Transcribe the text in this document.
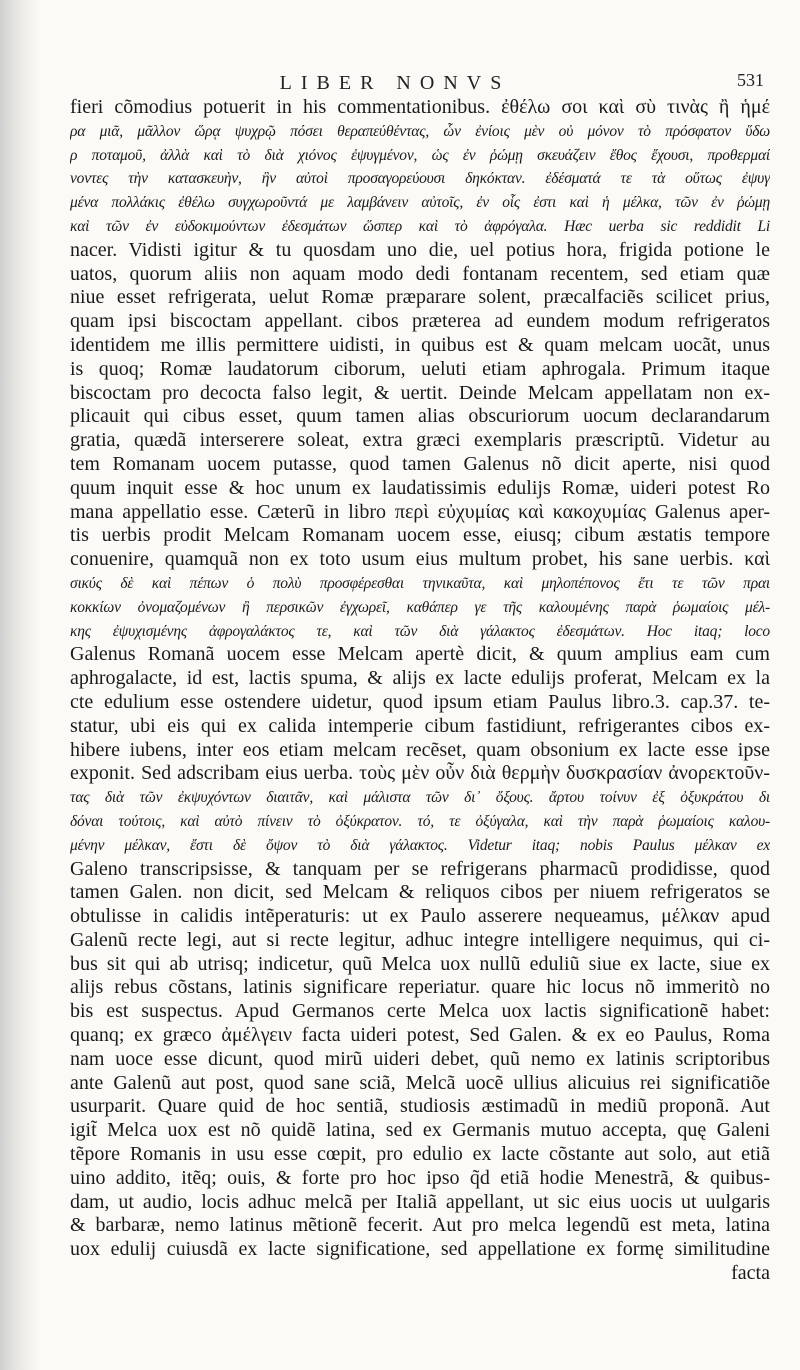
LIBER NONVS	531
fieri cõmodius potuerit in his commentationibus. ἐθέλω σοι καὶ σὺ τινὰς ἢ ἡμέ
ρα μιᾶ, μᾶλλον ὥρᾳ ψυχρῷ πόσει θεραπεύθέντας, ὧν ἐνίοις μὲν οὐ μόνον τὸ πρόσφατον ὕδω
ρ ποταμοῦ, ἀλλὰ καὶ τὸ διὰ χιόνος ἐψυγμένον, ὡς ἐν ῥώμῃ σκευάζειν ἔθος ἔχουσι, προθερμαί
νοντες τὴν κατασκευὴν, ἣν αὐτοὶ προσαγορεύουσι δηκόκταν. ἐδέσματά τε τὰ οὕτως ἐψυγ
μένα πολλάκις ἐθέλω συγχωροῦντά με λαμβάνειν αὐτοῖς, ἐν οἷς ἐστι καὶ ἡ μέλκα, τῶν ἐν ῥώμῃ
καὶ τῶν ἐν εὐδοκιμούντων ἐδεσμάτων ὥσπερ καὶ τὸ ἀφρόγαλα. Hæc uerba sic reddidit Li
nacer. Vidisti igitur & tu quosdam uno die, uel potius hora, frigida potione le
uatos, quorum aliis non aquam modo dedi fontanam recentem, sed etiam quæ
niue esset refrigerata, uelut Romæ præparare solent, præcalfaciẽs scilicet prius,
quam ipsi biscoctam appellant. cibos præterea ad eundem modum refrigeratos
identidem me illis permittere uidisti, in quibus est & quam melcam uocãt, unus
is quoq; Romæ laudatorum ciborum, ueluti etiam aphrogala. Primum itaque
biscoctam pro decocta falso legit, & uertit. Deinde Melcam appellatam non ex-
plicauit qui cibus esset, quum tamen alias obscuriorum uocum declarandarum
gratia, quædã interserere soleat, extra græci exemplaris præscriptũ. Videtur au
tem Romanam uocem putasse, quod tamen Galenus nõ dicit aperte, nisi quod
quum inquit esse & hoc unum ex laudatissimis edulijs Romæ, uideri potest Ro
mana appellatio esse. Cæterũ in libro περὶ εὐχυμίας καὶ κακοχυμίας Galenus aper-
tis uerbis prodit Melcam Romanam uocem esse, eiusq; cibum æstatis tempore
conuenire, quamquã non ex toto usum eius multum probet, his sane uerbis. καὶ
σικύς δὲ καὶ πέπων ὁ πολὺ προσφέρεσθαι τηνικαῦτα, καὶ μηλοπέπονος ἔτι τε τῶν πραι
κοκκίων ὀνομαζομένων ἢ περσικῶν ἐγχωρεῖ, καθάπερ γε τῆς καλουμένης παρὰ ῥωμαίοις μέλ-
κης ἐψυχισμένης ἀφρογαλάκτος τε, καὶ τῶν διὰ γάλακτος ἐδεσμάτων. Hoc itaq; loco
Galenus Romanã uocem esse Melcam apertè dicit, & quum amplius eam cum
aphrogalacte, id est, lactis spuma, & alijs ex lacte edulijs proferat, Melcam ex la
cte edulium esse ostendere uidetur, quod ipsum etiam Paulus libro.3. cap.37. te-
statur, ubi eis qui ex calida intemperie cibum fastidiunt, refrigerantes cibos ex-
hibere iubens, inter eos etiam melcam recẽset, quam obsonium ex lacte esse ipse
exponit. Sed adscribam eius uerba. τοὺς μὲν οὖν διὰ θερμὴν δυσκρασίαν ἀνορεκτοῦν-
τας διὰ τῶν ἐκψυχόντων διαιτᾶν, καὶ μάλιστα τῶν δι᾽ ὄξους. ἄρτου τοίνυν ἐξ ὀξυκράτου δι
δόναι τούτοις, καὶ αὐτὸ πίνειν τὸ ὀξύκρατον. τό, τε ὀξύγαλα, καὶ τὴν παρὰ ῥωμαίοις καλου-
μένην μέλκαν, ἔστι δὲ ὄψον τὸ διὰ γάλακτος. Videtur itaq; nobis Paulus μέλκαν ex
Galeno transcripsisse, & tanquam per se refrigerans pharmacũ prodidisse, quod
tamen Galen. non dicit, sed Melcam & reliquos cibos per niuem refrigeratos se
obtulisse in calidis intẽperaturis: ut ex Paulo asserere nequeamus, μέλκαν apud
Galenũ recte legi, aut si recte legitur, adhuc integre intelligere nequimus, qui ci-
bus sit qui ab utrisq; indicetur, quũ Melca uox nullũ eduliũ siue ex lacte, siue ex
alijs rebus cõstans, latinis significare reperiatur. quare hic locus nõ immeritò no
bis est suspectus. Apud Germanos certe Melca uox lactis significationẽ habet:
quanq; ex græco ἀμέλγειν facta uideri potest, Sed Galen. & ex eo Paulus, Roma
nam uoce esse dicunt, quod mirũ uideri debet, quũ nemo ex latinis scriptoribus
ante Galenũ aut post, quod sane sciã, Melcã uocẽ ullius alicuius rei significatiõe
usurparit. Quare quid de hoc sentiã, studiosis æstimadũ in mediũ proponã. Aut
igit̃ Melca uox est nõ quidẽ latina, sed ex Germanis mutuo accepta, quę Galeni
tẽpore Romanis in usu esse cœpit, pro edulio ex lacte cõstante aut solo, aut etiã
uino addito, itẽq; ouis, & forte pro hoc ipso q̃d etiã hodie Menestrã, & quibus-
dam, ut audio, locis adhuc melcã per Italiã appellant, ut sic eius uocis ut uulgaris
& barbaræ, nemo latinus mẽtionẽ fecerit. Aut pro melca legendũ est meta, latina
uox edulij cuiusdã ex lacte significatione, sed appellatione ex formę similitudine
facta
